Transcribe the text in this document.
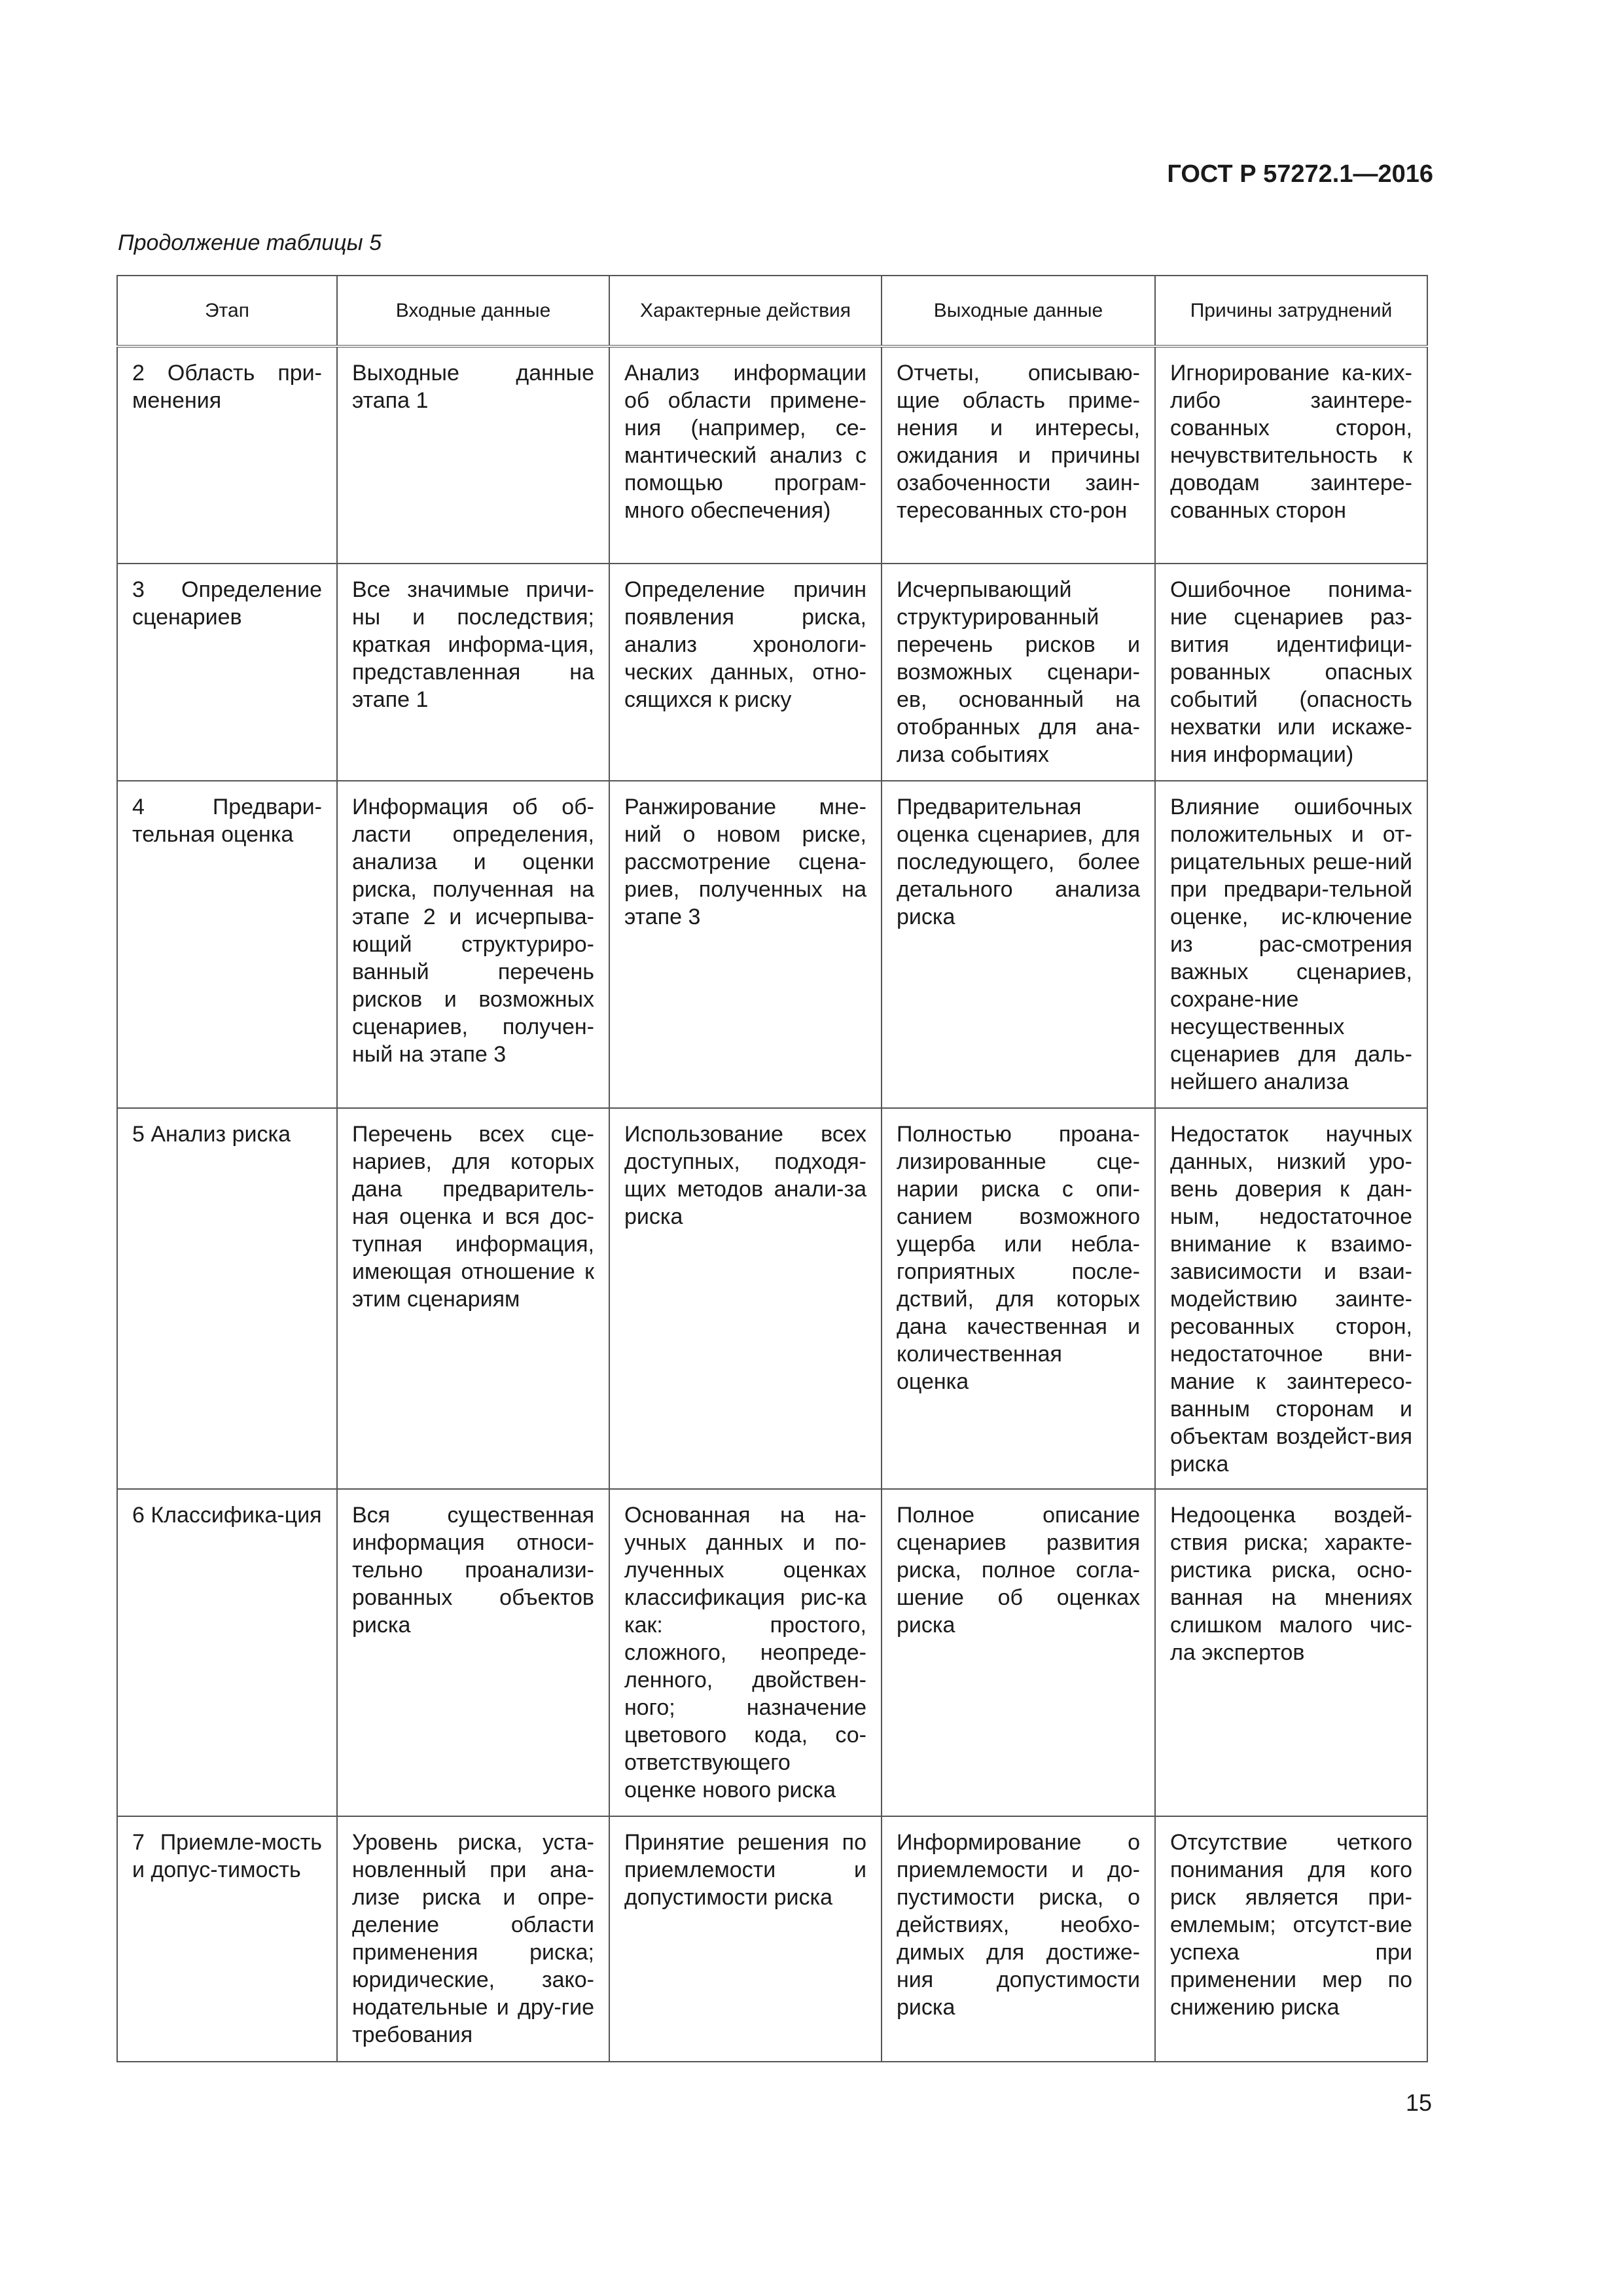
ГОСТ Р 57272.1—2016
Продолжение таблицы 5
Этап	Входные данные	Характерные действия	Выходные данные	Причины затруднений
2 Область при-менения	Выходные данные этапа 1	Анализ информации об области примене-ния (например, се-мантический анализ с помощью програм-много обеспечения)	Отчеты, описываю-щие область приме-нения и интересы, ожидания и причины озабоченности заин-тересованных сто-рон	Игнорирование ка-ких-либо заинтере-сованных сторон, нечувствительность к доводам заинтере-сованных сторон
3 Определение сценариев	Все значимые причи-ны и последствия; краткая информа-ция, представленная на этапе 1	Определение причин появления риска, анализ хронологи-ческих данных, отно-сящихся к риску	Исчерпывающий структурированный перечень рисков и возможных сценари-ев, основанный на отобранных для ана-лиза событиях	Ошибочное понима-ние сценариев раз-вития идентифици-рованных опасных событий (опасность нехватки или искаже-ния информации)
4 Предвари-тельная оценка	Информация об об-ласти определения, анализа и оценки риска, полученная на этапе 2 и исчерпыва-ющий структуриро-ванный перечень рисков и возможных сценариев, получен-ный на этапе 3	Ранжирование мне-ний о новом риске, рассмотрение сцена-риев, полученных на этапе 3	Предварительная оценка сценариев, для последующего, более детального анализа риска	Влияние ошибочных положительных и от-рицательных реше-ний при предвари-тельной оценке, ис-ключение из рас-смотрения важных сценариев, сохране-ние несущественных сценариев для даль-нейшего анализа
5 Анализ риска	Перечень всех сце-нариев, для которых дана предваритель-ная оценка и вся дос-тупная информация, имеющая отношение к этим сценариям	Использование всех доступных, подходя-щих методов анали-за риска	Полностью проана-лизированные сце-нарии риска с опи-санием возможного ущерба или небла-гоприятных после-дствий, для которых дана качественная и количественная оценка	Недостаток научных данных, низкий уро-вень доверия к дан-ным, недостаточное внимание к взаимо-зависимости и взаи-модействию заинте-ресованных сторон, недостаточное вни-мание к заинтересо-ванным сторонам и объектам воздейст-вия риска
6 Классифика-ция	Вся существенная информация относи-тельно проанализи-рованных объектов риска	Основанная на на-учных данных и по-лученных оценках классификация рис-ка как: простого, сложного, неопреде-ленного, двойствен-ного; назначение цветового кода, со-ответствующего оценке нового риска	Полное описание сценариев развития риска, полное согла-шение об оценках риска	Недооценка воздей-ствия риска; характе-ристика риска, осно-ванная на мнениях слишком малого чис-ла экспертов
7 Приемле-мость и допус-тимость	Уровень риска, уста-новленный при ана-лизе риска и опре-деление области применения риска; юридические, зако-нодательные и дру-гие требования	Принятие решения по приемлемости и допустимости риска	Информирование о приемлемости и до-пустимости риска, о действиях, необхо-димых для достиже-ния допустимости риска	Отсутствие четкого понимания для кого риск является при-емлемым; отсутст-вие успеха при применении мер по снижению риска
15
